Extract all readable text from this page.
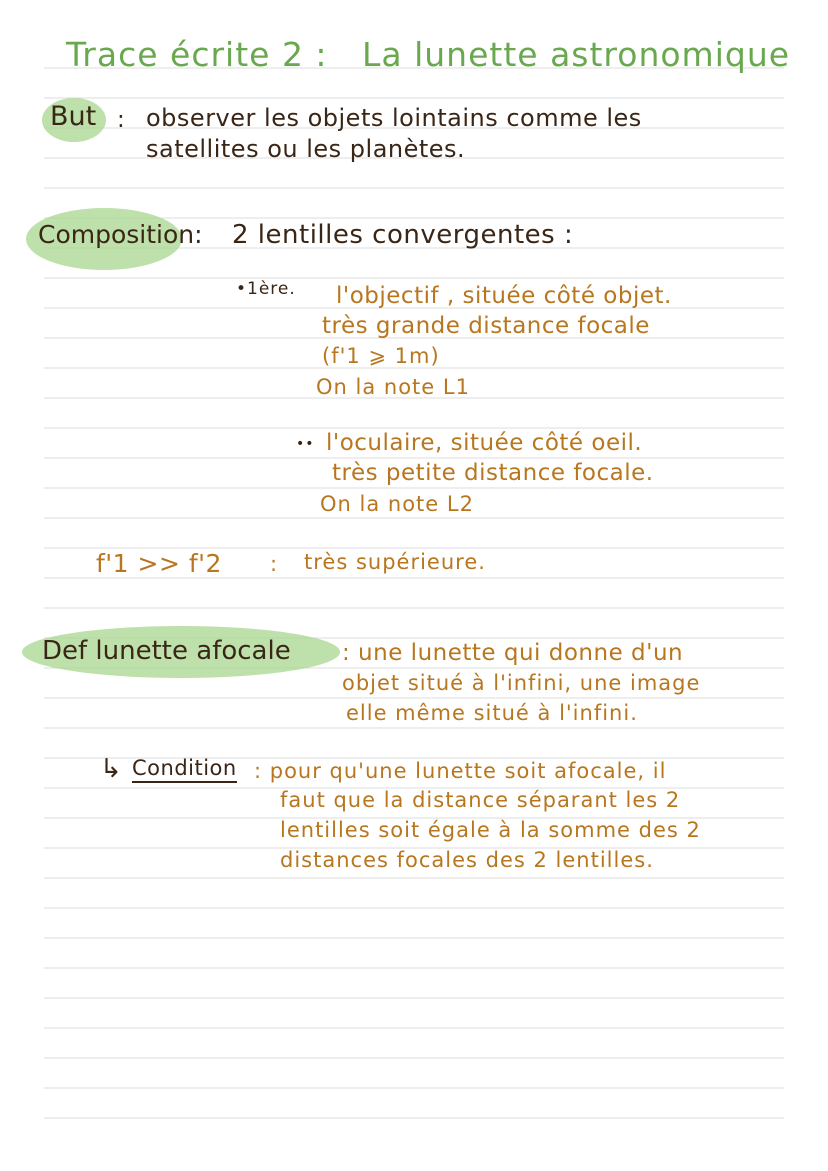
Trace écrite 2 : La lunette astronomique
But : observer les objets lointains comme les
satellites ou les planètes.
Composition: 2 lentilles convergentes :
•1ère. l'objectif , située côté objet.
très grande distance focale
(f'1 ⩾ 1m)
On la note L1
•• l'oculaire, située côté oeil.
très petite distance focale.
On la note L2
f'1 >> f'2 : très supérieure.
Def lunette afocale : une lunette qui donne d'un
objet situé à l'infini, une image
elle même situé à l'infini.
↳ Condition : pour qu'une lunette soit afocale, il
faut que la distance séparant les 2
lentilles soit égale à la somme des 2
distances focales des 2 lentilles.
